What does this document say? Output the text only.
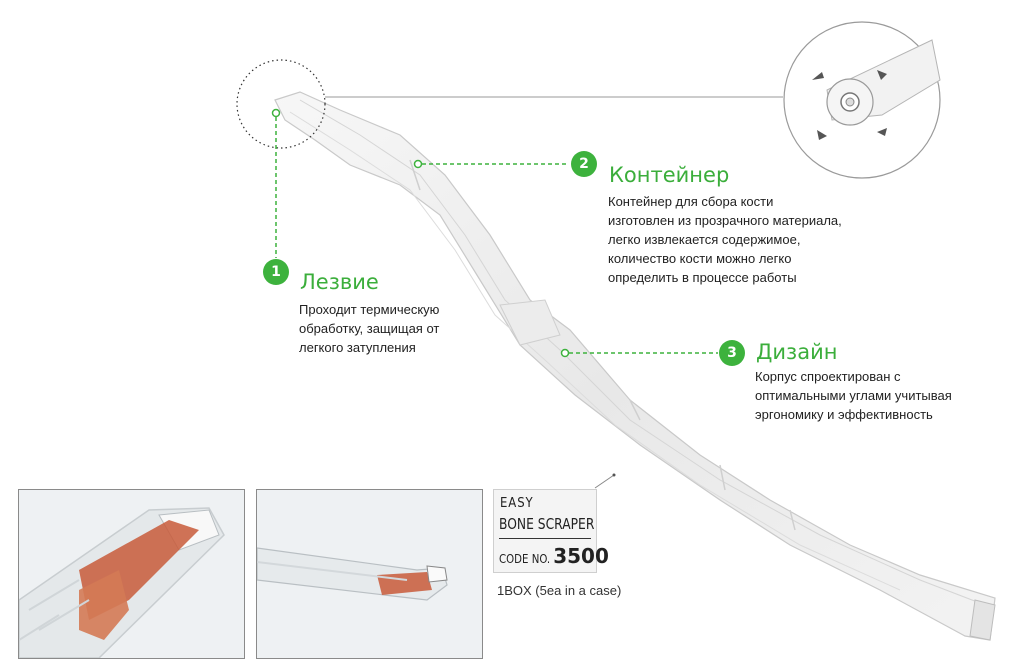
1 Лезвие
Проходит термическую
обработку, защищая от
легкого затупления
2 Контейнер
Контейнер для сбора кости
изготовлен из прозрачного материала,
легко извлекается содержимое,
количество кости можно легко
определить в процессе работы
3 Дизайн
Корпус спроектирован с
оптимальными углами учитывая
эргономику и эффективность
EASY
BONE SCRAPER
CODE NO. 3500
1BOX (5ea in a case)
